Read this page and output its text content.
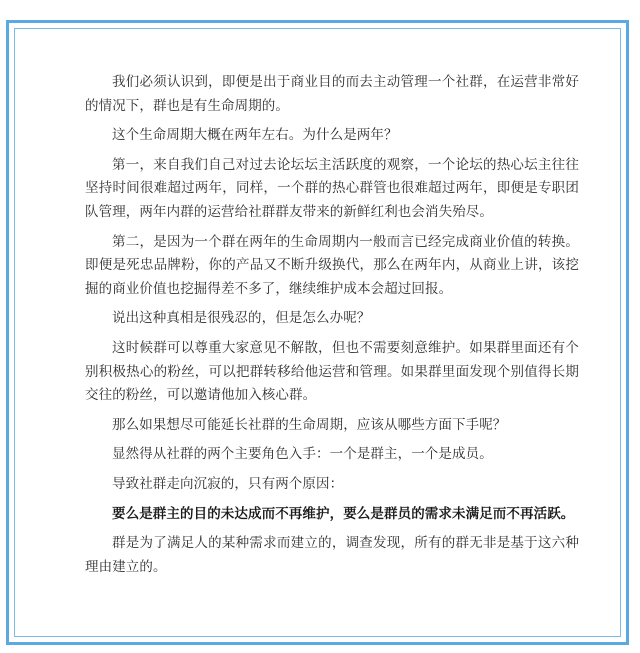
我们必须认识到，即便是出于商业目的而去主动管理一个社群，在运营非常好的情况下，群也是有生命周期的。

这个生命周期大概在两年左右。为什么是两年？

第一，来自我们自己对过去论坛坛主活跃度的观察，一个论坛的热心坛主往往坚持时间很难超过两年，同样，一个群的热心群管也很难超过两年，即便是专职团队管理，两年内群的运营给社群群友带来的新鲜红利也会消失殆尽。

第二，是因为一个群在两年的生命周期内一般而言已经完成商业价值的转换。即便是死忠品牌粉，你的产品又不断升级换代，那么在两年内，从商业上讲，该挖掘的商业价值也挖掘得差不多了，继续维护成本会超过回报。

说出这种真相是很残忍的，但是怎么办呢？

这时候群可以尊重大家意见不解散，但也不需要刻意维护。如果群里面还有个别积极热心的粉丝，可以把群转移给他运营和管理。如果群里面发现个别值得长期交往的粉丝，可以邀请他加入核心群。

那么如果想尽可能延长社群的生命周期，应该从哪些方面下手呢？

显然得从社群的两个主要角色入手：一个是群主，一个是成员。

导致社群走向沉寂的，只有两个原因：

要么是群主的目的未达成而不再维护，要么是群员的需求未满足而不再活跃。

群是为了满足人的某种需求而建立的，调查发现，所有的群无非是基于这六种理由建立的。
